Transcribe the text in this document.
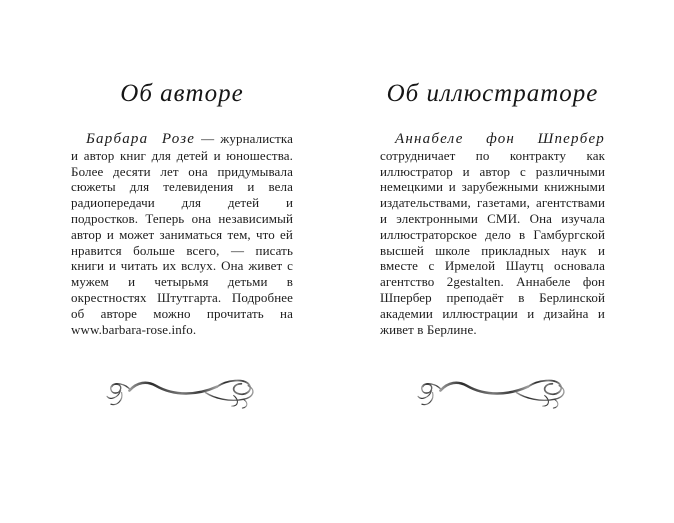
Об авторе

Барбара Розе — журналистка и автор книг для детей и юношества. Более десяти лет она придумывала сюжеты для телевидения и вела радиопередачи для детей и подростков. Теперь она независимый автор и может заниматься тем, что ей нравится больше всего, — писать книги и читать их вслух. Она живет с мужем и четырьмя детьми в окрестностях Штутгарта. Подробнее об авторе можно прочитать на www.barbara-rose.info.

Об иллюстраторе

Аннабеле фон Шпербер сотрудничает по контракту как иллюстратор и автор с различными немецкими и зарубежными книжными издательствами, газетами, агентствами и электронными СМИ. Она изучала иллюстраторское дело в Гамбургской высшей школе прикладных наук и вместе с Ирмелой Шаутц основала агентство 2gestalten. Аннабеле фон Шпербер преподаёт в Берлинской академии иллюстрации и дизайна и живет в Берлине.
